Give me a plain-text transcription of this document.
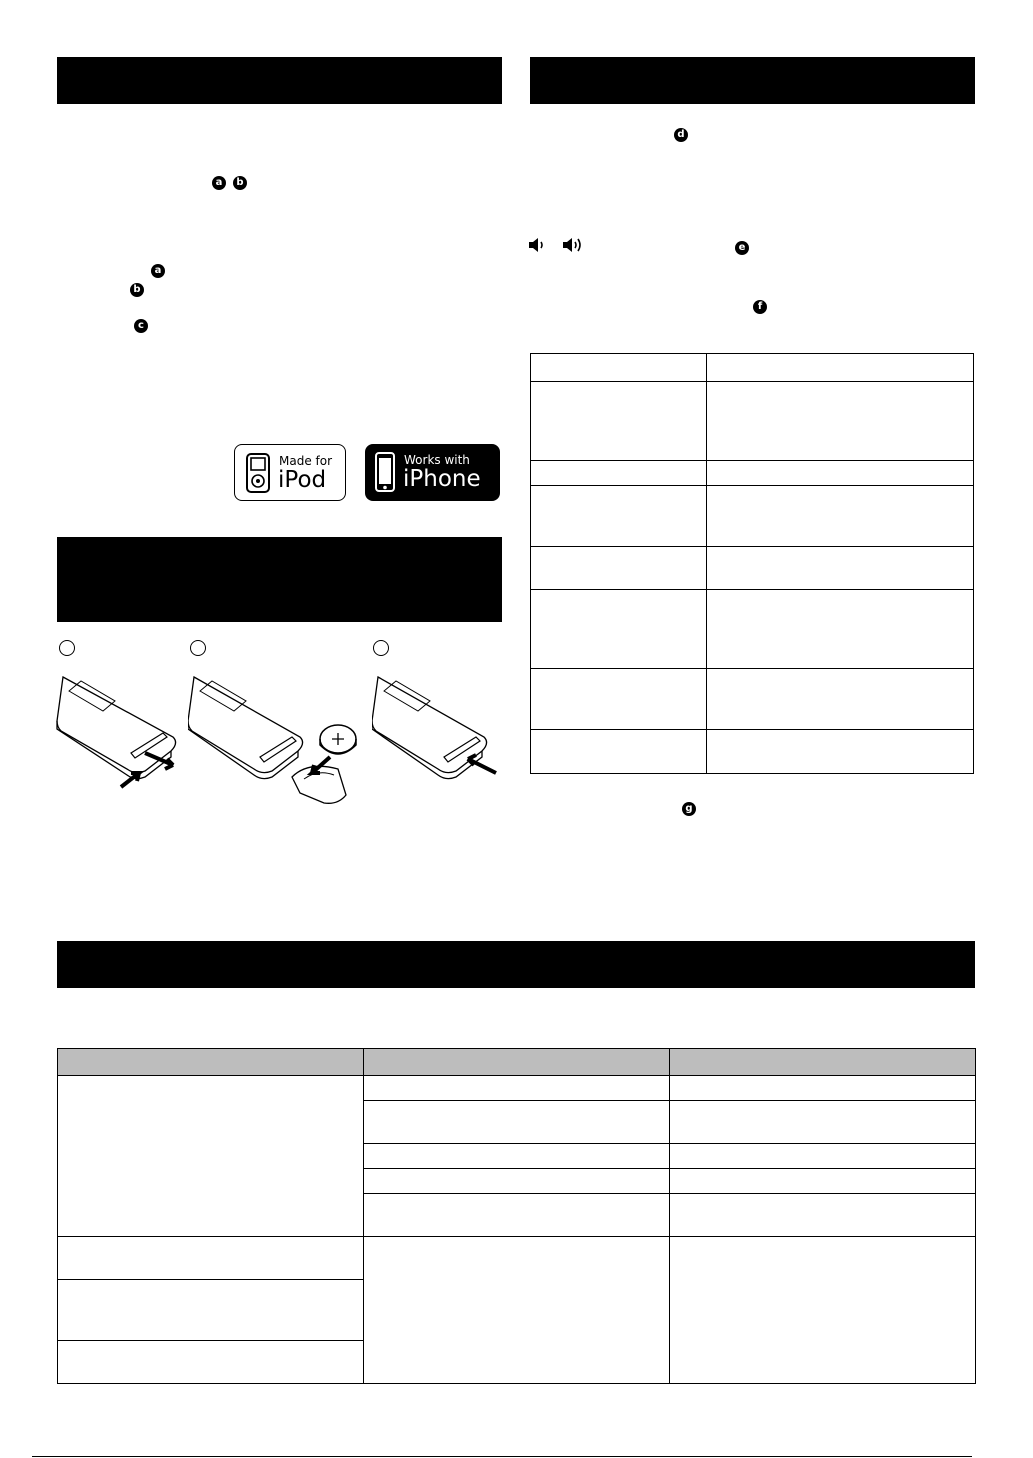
a	b
a
b
c
Made for
iPod
Works with
iPhone
d
e
f

g
